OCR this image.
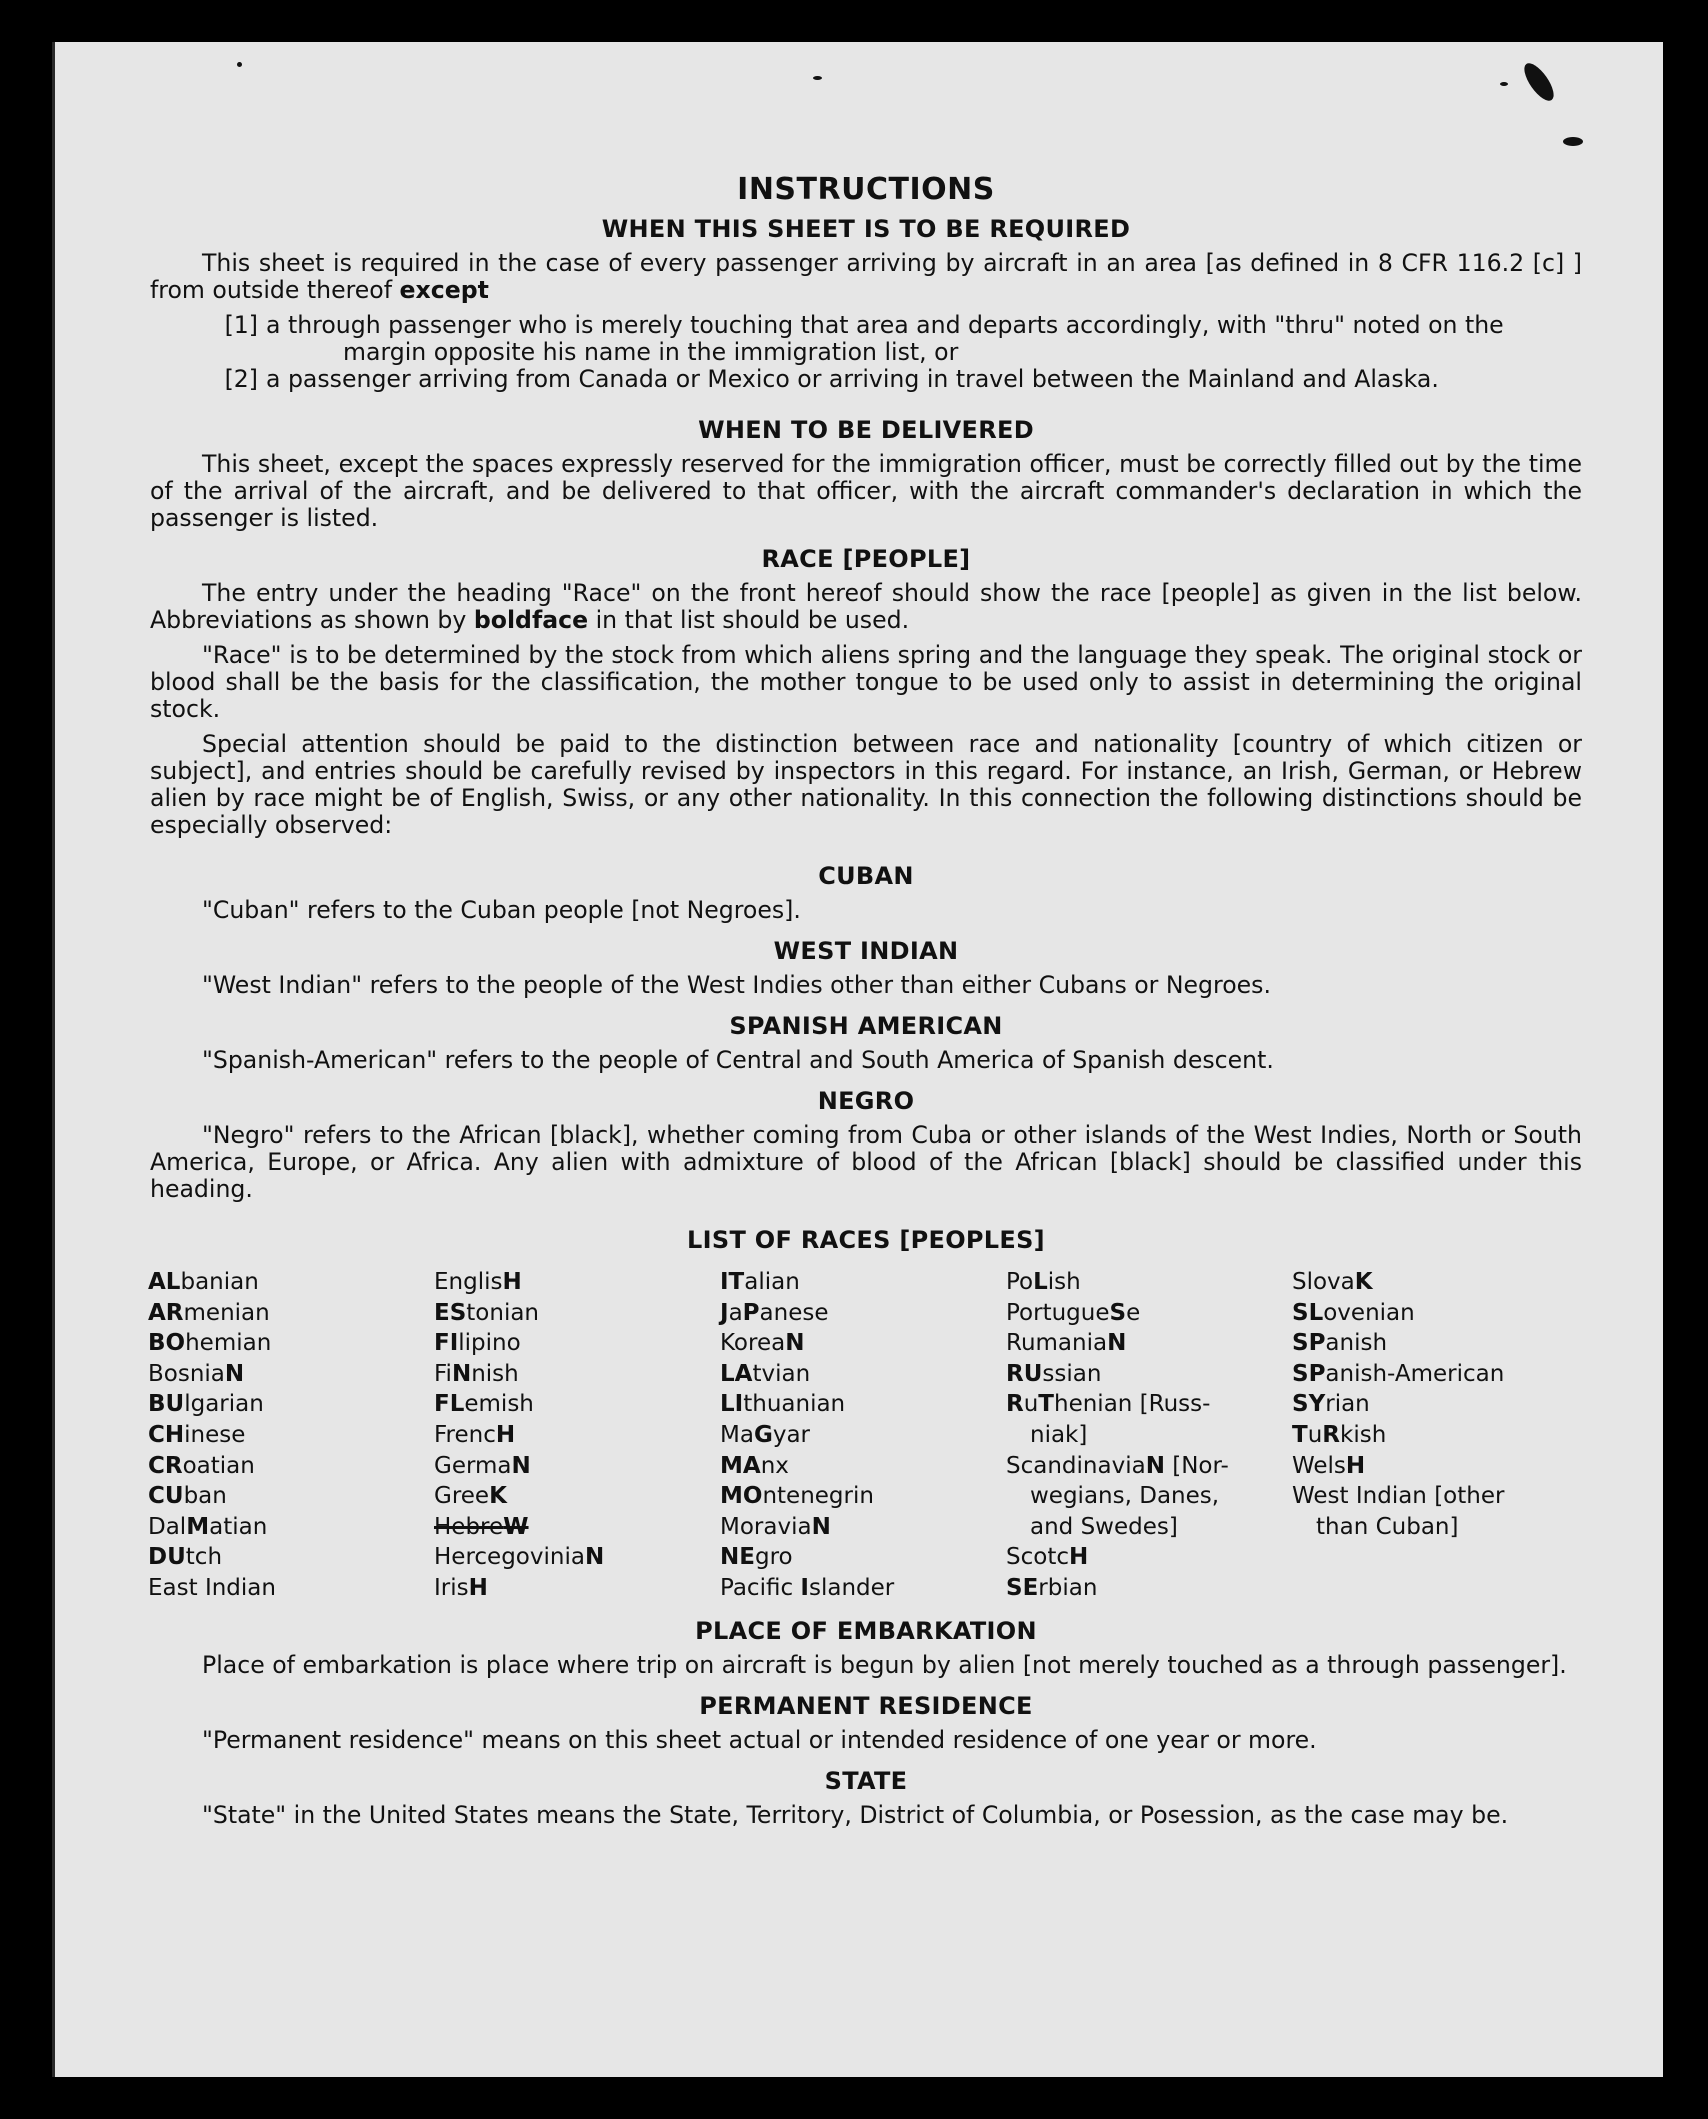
INSTRUCTIONS
WHEN THIS SHEET IS TO BE REQUIRED

This sheet is required in the case of every passenger arriving by aircraft in an area [as defined in 8 CFR 116.2 [c] ] from outside thereof except

[1] a through passenger who is merely touching that area and departs accordingly, with "thru" noted on the
margin opposite his name in the immigration list, or
[2] a passenger arriving from Canada or Mexico or arriving in travel between the Mainland and Alaska.
WHEN TO BE DELIVERED

This sheet, except the spaces expressly reserved for the immigration officer, must be correctly filled out by the time of the arrival of the aircraft, and be delivered to that officer, with the aircraft commander's declaration in which the passenger is listed.

RACE [PEOPLE]

The entry under the heading "Race" on the front hereof should show the race [people] as given in the list below. Abbreviations as shown by boldface in that list should be used.

"Race" is to be determined by the stock from which aliens spring and the language they speak. The original stock or blood shall be the basis for the classification, the mother tongue to be used only to assist in determining the original stock.

Special attention should be paid to the distinction between race and nationality [country of which citizen or subject], and entries should be carefully revised by inspectors in this regard. For instance, an Irish, German, or Hebrew alien by race might be of English, Swiss, or any other nationality. In this connection the following distinctions should be especially observed:

CUBAN

"Cuban" refers to the Cuban people [not Negroes].

WEST INDIAN

"West Indian" refers to the people of the West Indies other than either Cubans or Negroes.

SPANISH AMERICAN

"Spanish-American" refers to the people of Central and South America of Spanish descent.

NEGRO

"Negro" refers to the African [black], whether coming from Cuba or other islands of the West Indies, North or South America, Europe, or Africa. Any alien with admixture of blood of the African [black] should be classified under this heading.

LIST OF RACES [PEOPLES]
ALbanian
ARmenian
BOhemian
BosniaN
BUlgarian
CHinese
CRoatian
CUban
DalMatian
DUtch
East Indian
EnglisH
EStonian
FIlipino
FiNnish
FLemish
FrencH
GermaN
GreeK
HebreW
HercegoviniaN
IrisH
ITalian
JaPanese
KoreaN
LAtvian
LIthuanian
MaGyar
MAnx
MOntenegrin
MoraviaN
NEgro
Pacific Islander
PoLish
PortugueSe
RumaniaN
RUssian
RuThenian [Russ-
niak]
ScandinaviaN [Nor-
wegians, Danes,
and Swedes]
ScotcH
SErbian
SlovaK
SLovenian
SPanish
SPanish-American
SYrian
TuRkish
WelsH
West Indian [other
than Cuban]
PLACE OF EMBARKATION

Place of embarkation is place where trip on aircraft is begun by alien [not merely touched as a through passenger].

PERMANENT RESIDENCE

"Permanent residence" means on this sheet actual or intended residence of one year or more.

STATE

"State" in the United States means the State, Territory, District of Columbia, or Posession, as the case may be.
